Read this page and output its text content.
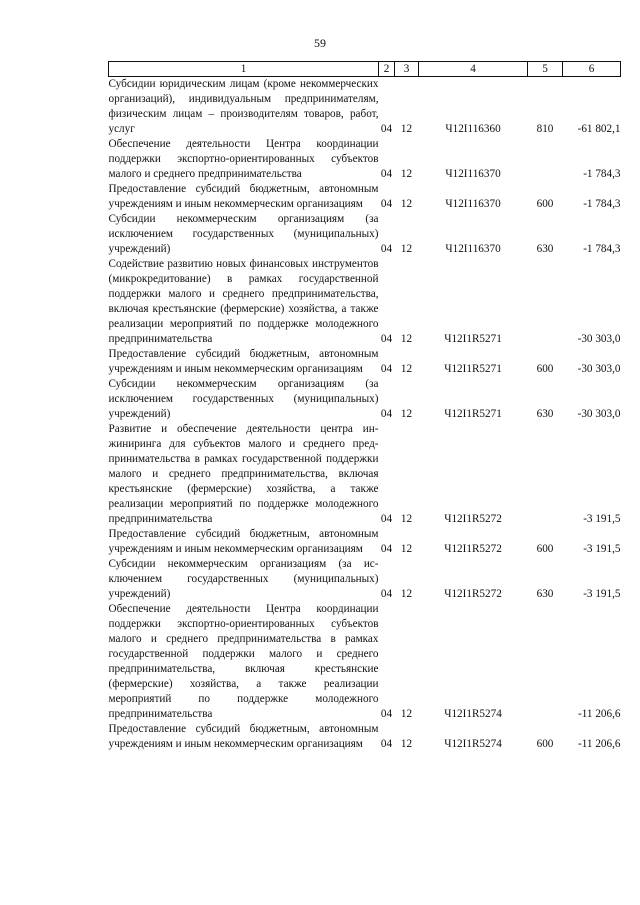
59
1	2	3	4	5	6
Субсидии юридическим лицам (кроме некоммерческих организаций), индивидуальным предпринимателям, физическим лицам – производителям товаров, работ, услуг	04	12	Ч12I116360	810	-61 802,1
Обеспечение деятельности Центра координации поддержки экспортно-ориентированных субъектов малого и среднего предпринимательства	04	12	Ч12I116370		-1 784,3
Предоставление субсидий бюджетным, автономным учреждениям и иным некоммерческим организациям	04	12	Ч12I116370	600	-1 784,3
Субсидии некоммерческим организациям (за исключением государственных (муниципальных) учреждений)	04	12	Ч12I116370	630	-1 784,3
Содействие развитию новых финансовых инструментов (микрокредитование) в рамках государственной поддержки малого и среднего предпринимательства, включая крестьянские (фермерские) хозяйства, а также реализации мероприятий по поддержке молодежного предпринимательства	04	12	Ч12I1R5271		-30 303,0
Предоставление субсидий бюджетным, автономным учреждениям и иным некоммерческим организациям	04	12	Ч12I1R5271	600	-30 303,0
Субсидии некоммерческим организациям (за исключением государственных (муниципальных) учреждений)	04	12	Ч12I1R5271	630	-30 303,0
Развитие и обеспечение деятельности центра инжиниринга для субъектов малого и среднего предпринимательства в рамках государственной поддержки малого и среднего предпринимательства, включая крестьянские (фермерские) хозяйства, а также реализации мероприятий по поддержке молодежного предпринимательства	04	12	Ч12I1R5272		-3 191,5
Предоставление субсидий бюджетным, автономным учреждениям и иным некоммерческим организациям	04	12	Ч12I1R5272	600	-3 191,5
Субсидии некоммерческим организациям (за исключением государственных (муниципальных) учреждений)	04	12	Ч12I1R5272	630	-3 191,5
Обеспечение деятельности Центра координации поддержки экспортно-ориентированных субъектов малого и среднего предпринимательства в рамках государственной поддержки малого и среднего предпринимательства, включая крестьянские (фермерские) хозяйства, а также реализации мероприятий по поддержке молодежного предпринимательства	04	12	Ч12I1R5274		-11 206,6
Предоставление субсидий бюджетным, автономным учреждениям и иным некоммерческим организациям	04	12	Ч12I1R5274	600	-11 206,6
